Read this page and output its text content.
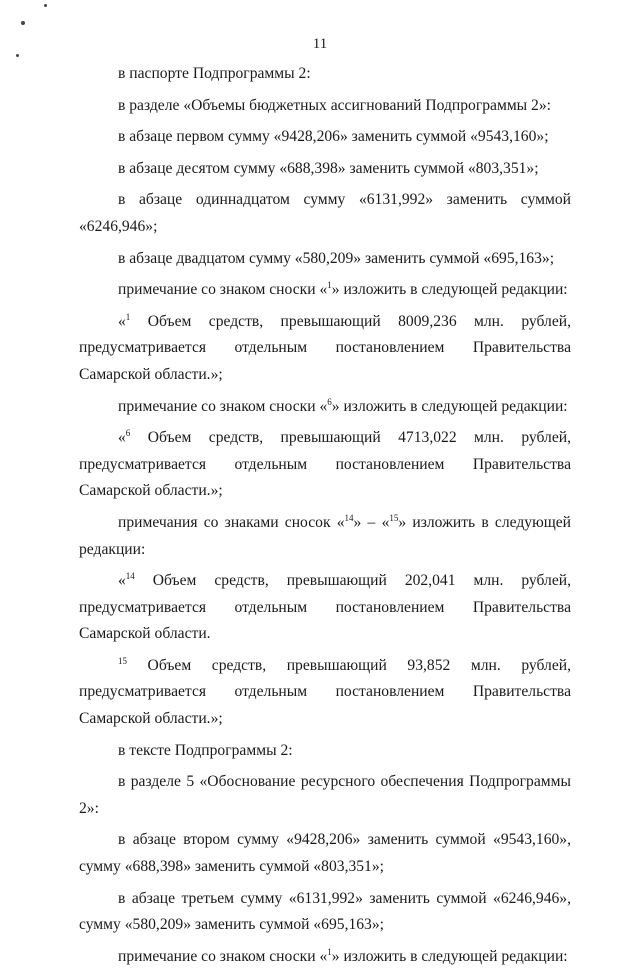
11

в паспорте Подпрограммы 2:

в разделе «Объемы бюджетных ассигнований Подпрограммы 2»:

в абзаце первом сумму «9428,206» заменить суммой «9543,160»;

в абзаце десятом сумму «688,398» заменить суммой «803,351»;

в абзаце одиннадцатом сумму «6131,992» заменить суммой «6246,946»;

в абзаце двадцатом сумму «580,209» заменить суммой «695,163»;

примечание со знаком сноски «$^1$» изложить в следующей редакции:

«$^1$ Объем средств, превышающий 8009,236 млн. рублей, предусматривается отдельным постановлением Правительства Самарской области.»;

примечание со знаком сноски «$^6$» изложить в следующей редакции:

«$^6$ Объем средств, превышающий 4713,022 млн. рублей, предусматривается отдельным постановлением Правительства Самарской области.»;

примечания со знаками сносок «$^{14}$» – «$^{15}$» изложить в следующей редакции:

«$^{14}$ Объем средств, превышающий 202,041 млн. рублей, предусматривается отдельным постановлением Правительства Самарской области.

$^{15}$ Объем средств, превышающий 93,852 млн. рублей, предусматривается отдельным постановлением Правительства Самарской области.»;

в тексте Подпрограммы 2:

в разделе 5 «Обоснование ресурсного обеспечения Подпрограммы 2»:

в абзаце втором сумму «9428,206» заменить суммой «9543,160», сумму «688,398» заменить суммой «803,351»;

в абзаце третьем сумму «6131,992» заменить суммой «6246,946», сумму «580,209» заменить суммой «695,163»;

примечание со знаком сноски «$^1$» изложить в следующей редакции:
